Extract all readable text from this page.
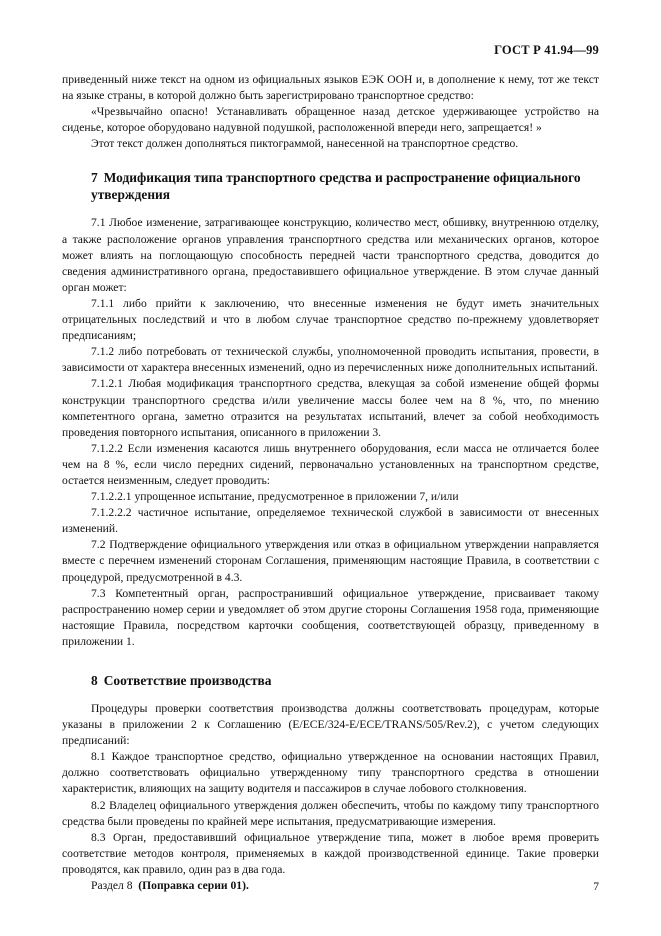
ГОСТ Р 41.94—99

приведенный ниже текст на одном из официальных языков ЕЭК ООН и, в дополнение к нему, тот же текст на языке страны, в которой должно быть зарегистрировано транспортное средство:

«Чрезвычайно опасно! Устанавливать обращенное назад детское удерживающее устройство на сиденье, которое оборудовано надувной подушкой, расположенной впереди него, запрещается! »

Этот текст должен дополняться пиктограммой, нанесенной на транспортное средство.

7 Модификация типа транспортного средства и распространение официального утверждения

7.1 Любое изменение, затрагивающее конструкцию, количество мест, обшивку, внутреннюю отделку, а также расположение органов управления транспортного средства или механических органов, которое может влиять на поглощающую способность передней части транспортного средства, доводится до сведения административного органа, предоставившего официальное утверждение. В этом случае данный орган может:

7.1.1 либо прийти к заключению, что внесенные изменения не будут иметь значительных отрицательных последствий и что в любом случае транспортное средство по-прежнему удовлетворяет предписаниям;

7.1.2 либо потребовать от технической службы, уполномоченной проводить испытания, провести, в зависимости от характера внесенных изменений, одно из перечисленных ниже дополнительных испытаний.

7.1.2.1 Любая модификация транспортного средства, влекущая за собой изменение общей формы конструкции транспортного средства и/или увеличение массы более чем на 8 %, что, по мнению компетентного органа, заметно отразится на результатах испытаний, влечет за собой необходимость проведения повторного испытания, описанного в приложении 3.

7.1.2.2 Если изменения касаются лишь внутреннего оборудования, если масса не отличается более чем на 8 %, если число передних сидений, первоначально установленных на транспортном средстве, остается неизменным, следует проводить:

7.1.2.2.1 упрощенное испытание, предусмотренное в приложении 7, и/или

7.1.2.2.2 частичное испытание, определяемое технической службой в зависимости от внесенных изменений.

7.2 Подтверждение официального утверждения или отказ в официальном утверждении направляется вместе с перечнем изменений сторонам Соглашения, применяющим настоящие Правила, в соответствии с процедурой, предусмотренной в 4.3.

7.3 Компетентный орган, распространивший официальное утверждение, присваивает такому распространению номер серии и уведомляет об этом другие стороны Соглашения 1958 года, применяющие настоящие Правила, посредством карточки сообщения, соответствующей образцу, приведенному в приложении 1.

8 Соответствие производства

Процедуры проверки соответствия производства должны соответствовать процедурам, которые указаны в приложении 2 к Соглашению (E/ECE/324-E/ECE/TRANS/505/Rev.2), с учетом следующих предписаний:

8.1 Каждое транспортное средство, официально утвержденное на основании настоящих Правил, должно соответствовать официально утвержденному типу транспортного средства в отношении характеристик, влияющих на защиту водителя и пассажиров в случае лобового столкновения.

8.2 Владелец официального утверждения должен обеспечить, чтобы по каждому типу транспортного средства были проведены по крайней мере испытания, предусматривающие измерения.

8.3 Орган, предоставивший официальное утверждение типа, может в любое время проверить соответствие методов контроля, применяемых в каждой производственной единице. Такие проверки проводятся, как правило, один раз в два года.

Раздел 8 (Поправка серии 01).	7
